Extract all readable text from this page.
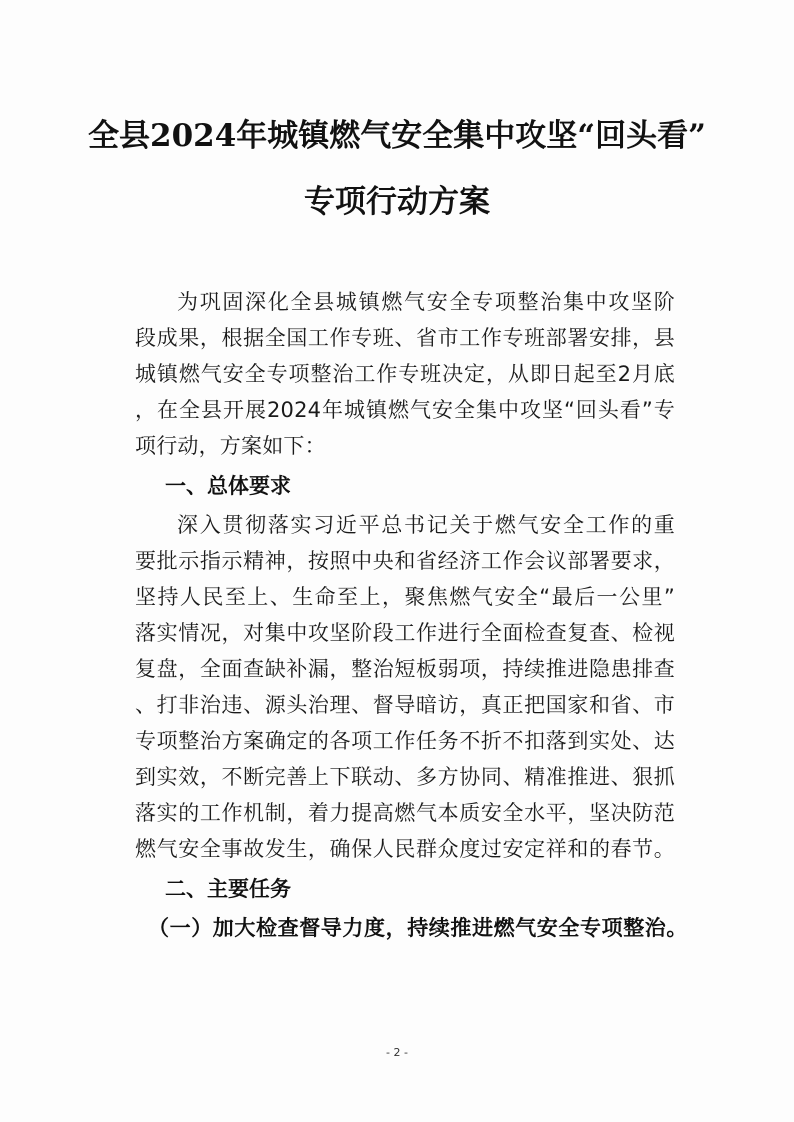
全县2024年城镇燃气安全集中攻坚“回头看”
专项行动方案
为巩固深化全县城镇燃气安全专项整治集中攻坚阶
段成果，根据全国工作专班、省市工作专班部署安排，县
城镇燃气安全专项整治工作专班决定，从即日起至2月底
，在全县开展2024年城镇燃气安全集中攻坚“回头看”专
项行动，方案如下：
一、总体要求
深入贯彻落实习近平总书记关于燃气安全工作的重
要批示指示精神，按照中央和省经济工作会议部署要求，
坚持人民至上、生命至上，聚焦燃气安全“最后一公里”
落实情况，对集中攻坚阶段工作进行全面检查复查、检视
复盘，全面查缺补漏，整治短板弱项，持续推进隐患排查
、打非治违、源头治理、督导暗访，真正把国家和省、市
专项整治方案确定的各项工作任务不折不扣落到实处、达
到实效，不断完善上下联动、多方协同、精准推进、狠抓
落实的工作机制，着力提高燃气本质安全水平，坚决防范
燃气安全事故发生，确保人民群众度过安定祥和的春节。
二、主要任务
（一）加大检查督导力度，持续推进燃气安全专项整治。
- 2 -
